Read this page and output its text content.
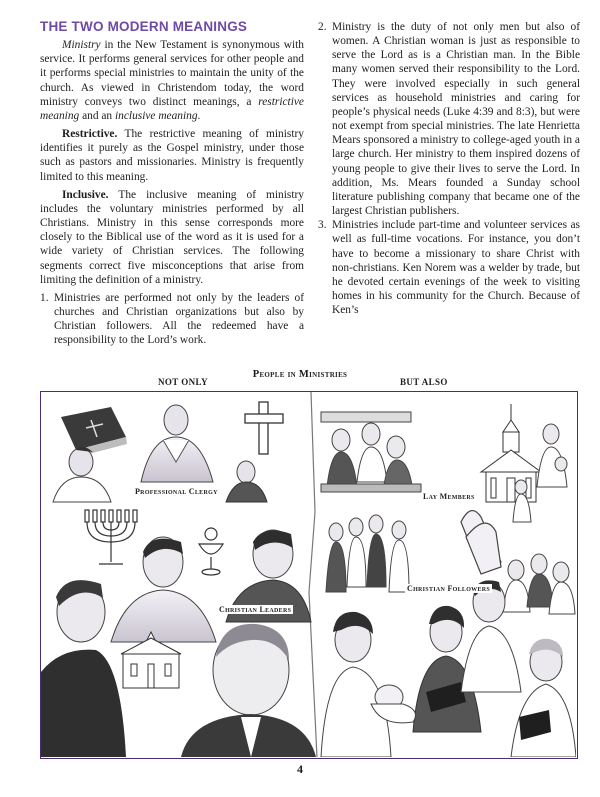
THE TWO MODERN MEANINGS

Ministry in the New Testament is synonymous with service. It performs general services for other people and it performs special ministries to maintain the unity of the church. As viewed in Christendom today, the word ministry conveys two distinct meanings, a restrictive meaning and an inclusive meaning.

Restrictive. The restrictive meaning of ministry identifies it purely as the Gospel ministry, under those such as pastors and missionaries. Ministry is frequently limited to this meaning.

Inclusive. The inclusive meaning of ministry includes the voluntary ministries performed by all Christians. Ministry in this sense corresponds more closely to the Biblical use of the word as it is used for a wide variety of Christian services. The following segments correct five misconceptions that arise from limiting the definition of a ministry.

1. Ministries are performed not only by the leaders of churches and Christian organizations but also by Christian followers. All the redeemed have a responsibility to the Lord’s work.

2. Ministry is the duty of not only men but also of women. A Christian woman is just as responsible to serve the Lord as is a Christian man. In the Bible many women served their responsibility to the Lord. They were involved especially in such general services as household ministries and caring for people’s physical needs (Luke 4:39 and 8:3), but were not exempt from special ministries. The late Henrietta Mears sponsored a ministry to college-aged youth in a large church. Her ministry to them inspired dozens of young people to give their lives to serve the Lord. In addition, Ms. Mears founded a Sunday school literature publishing company that became one of the largest Christian publishers.

3. Ministries include part-time and volunteer services as well as full-time vocations. For instance, you don’t have to become a missionary to share Christ with non-christians. Ken Norem was a welder by trade, but he devoted certain evenings of the week to visiting homes in his community for the Church. Because of Ken’s

People in Ministries
NOT ONLY	BUT ALSO
Professional Clergy
Christian Leaders
Lay Members
Christian Followers
4
